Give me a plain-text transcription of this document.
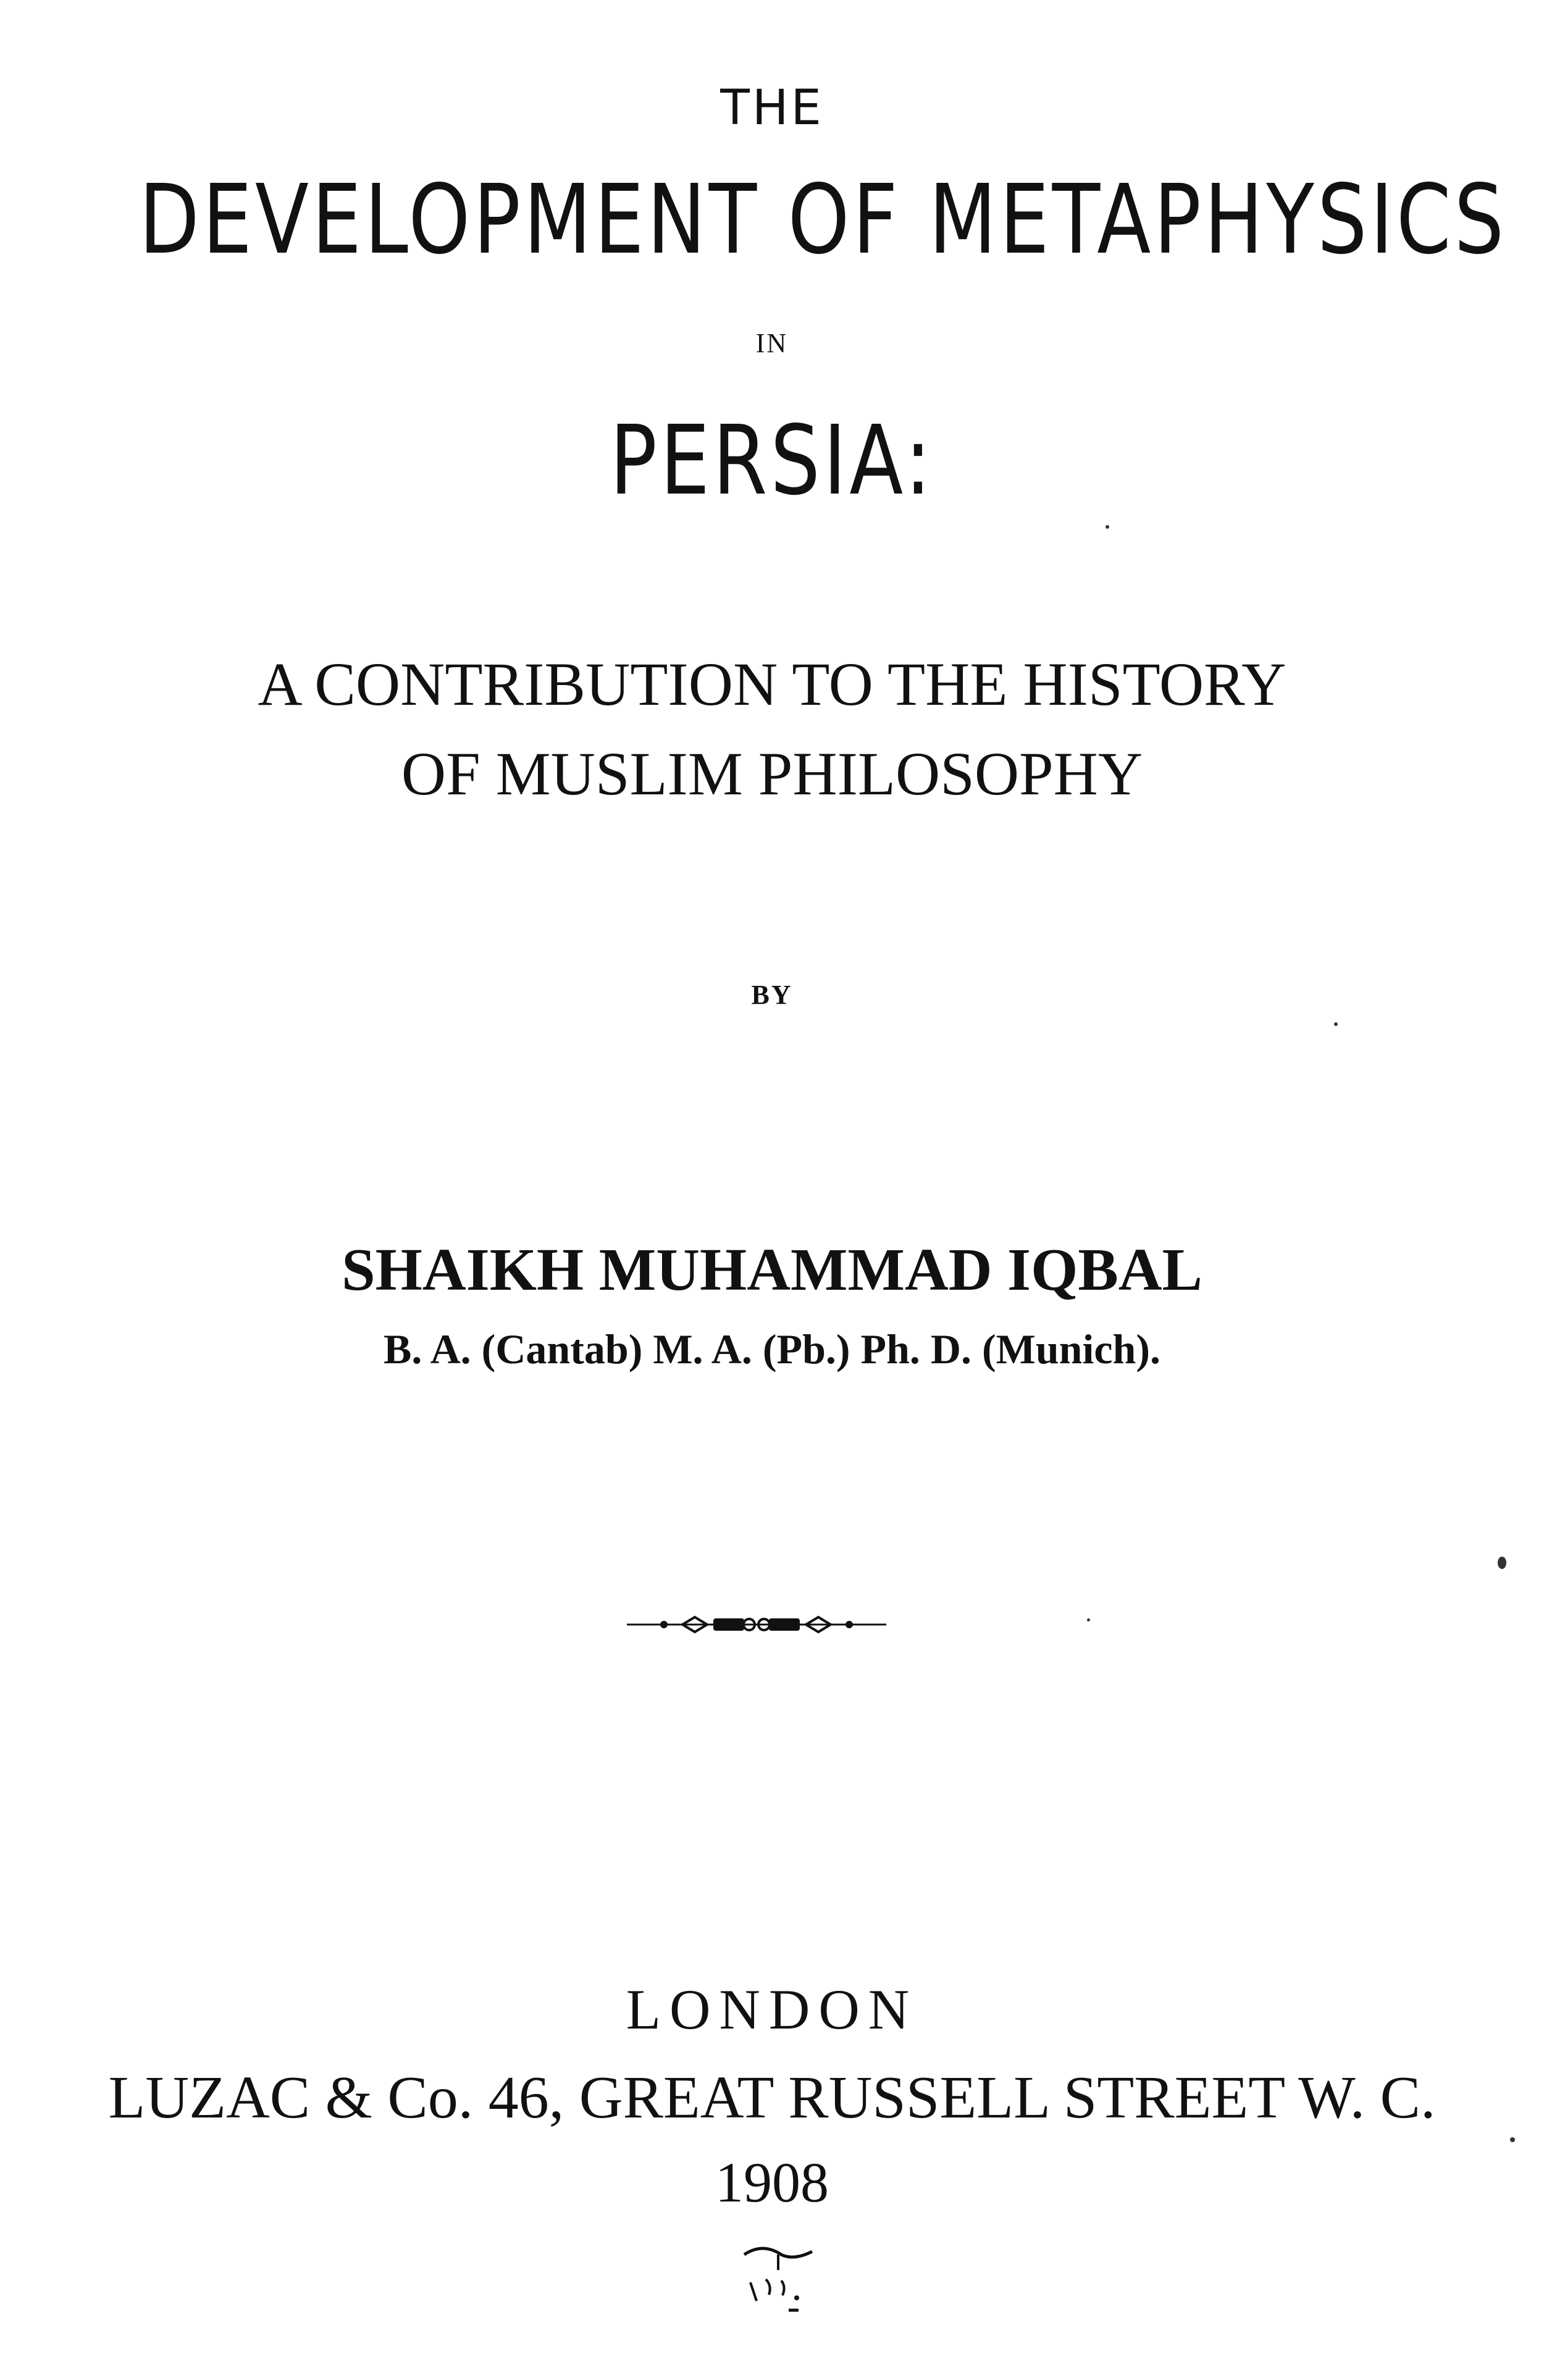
THE
DEVELOPMENT OF METAPHYSICS
IN
PERSIA:
A CONTRIBUTION TO THE HISTORY
OF MUSLIM PHILOSOPHY
BY
SHAIKH MUHAMMAD IQBAL
B. A. (Cantab) M. A. (Pb.) Ph. D. (Munich).
LONDON
LUZAC & Co. 46, GREAT RUSSELL STREET W. C.
1908
